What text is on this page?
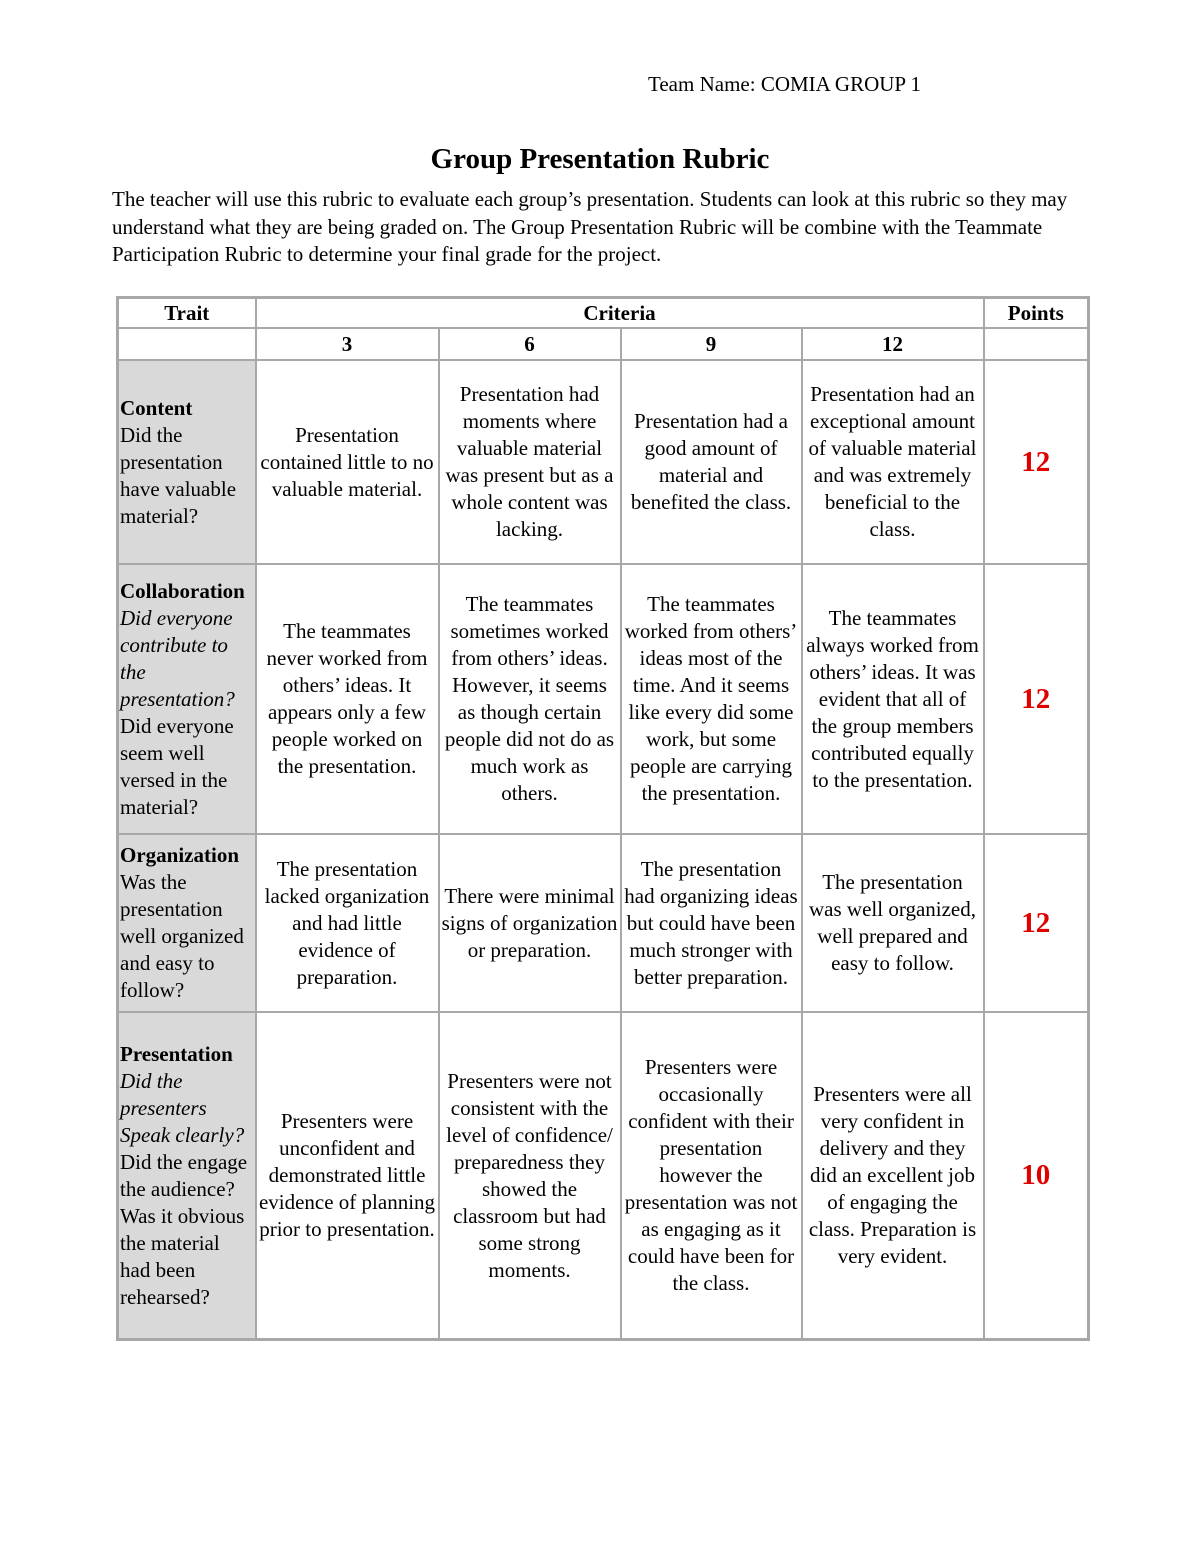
Team Name: COMIA GROUP 1
Group Presentation Rubric
The teacher will use this rubric to evaluate each group’s presentation. Students can look at this rubric so they may understand what they are being graded on. The Group Presentation Rubric will be combine with the Teammate Participation Rubric to determine your final grade for the project.
Trait	Criteria				Points
	3	6	9	12	
Content
Did the presentation have valuable material?	Presentation contained little to no valuable material.	Presentation had moments where valuable material was present but as a whole content was lacking.	Presentation had a good amount of material and benefited the class.	Presentation had an exceptional amount of valuable material and was extremely beneficial to the class.	12
Collaboration
Did everyone contribute to the presentation? Did everyone seem well versed in the material?	The teammates never worked from others’ ideas. It appears only a few people worked on the presentation.	The teammates sometimes worked from others’ ideas. However, it seems as though certain people did not do as much work as others.	The teammates worked from others’ ideas most of the time. And it seems like every did some work, but some people are carrying the presentation.	The teammates always worked from others’ ideas. It was evident that all of the group members contributed equally to the presentation.	12
Organization
Was the presentation well organized and easy to follow?	The presentation lacked organization and had little evidence of preparation.	There were minimal signs of organization or preparation.	The presentation had organizing ideas but could have been much stronger with better preparation.	The presentation was well organized, well prepared and easy to follow.	12
Presentation
Did the presenters Speak clearly? Did the engage the audience? Was it obvious the material had been rehearsed?	Presenters were unconfident and demonstrated little evidence of planning prior to presentation.	Presenters were not consistent with the level of confidence/ preparedness they showed the classroom but had some strong moments.	Presenters were occasionally confident with their presentation however the presentation was not as engaging as it could have been for the class.	Presenters were all very confident in delivery and they did an excellent job of engaging the class. Preparation is very evident.	10
